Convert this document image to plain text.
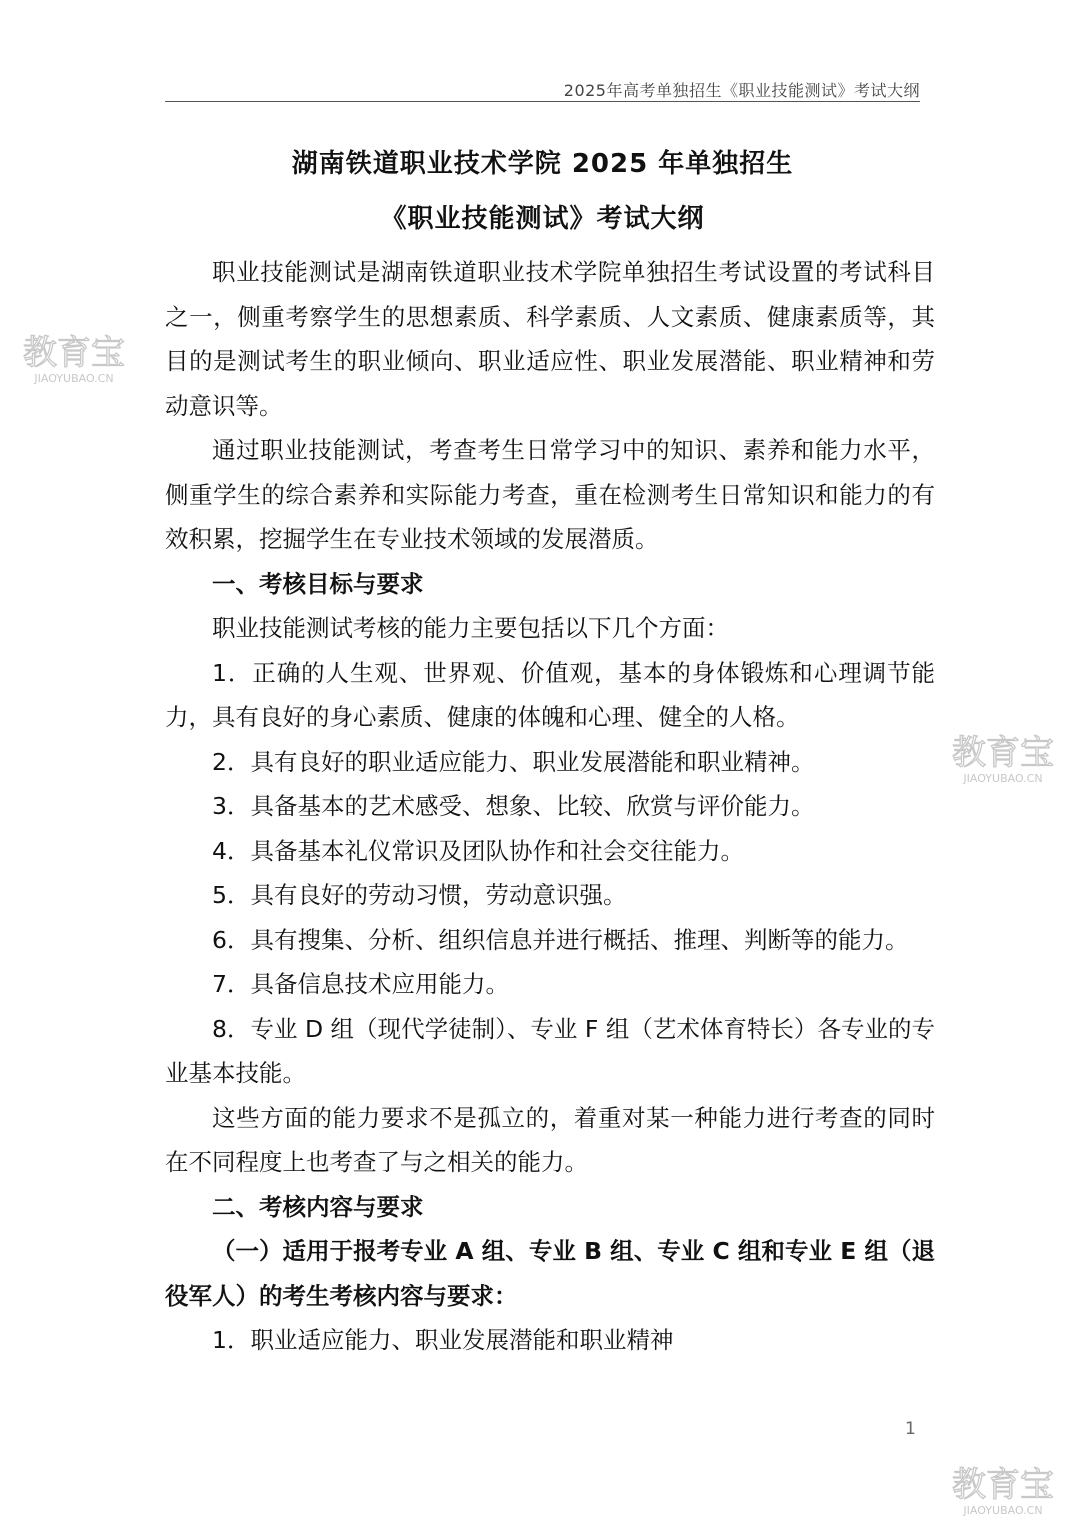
2025年高考单独招生《职业技能测试》考试大纲
湖南铁道职业技术学院 2025 年单独招生
《职业技能测试》考试大纲

职业技能测试是湖南铁道职业技术学院单独招生考试设置的考试科目之一，侧重考察学生的思想素质、科学素质、人文素质、健康素质等，其目的是测试考生的职业倾向、职业适应性、职业发展潜能、职业精神和劳动意识等。

通过职业技能测试，考查考生日常学习中的知识、素养和能力水平，侧重学生的综合素养和实际能力考查，重在检测考生日常知识和能力的有效积累，挖掘学生在专业技术领域的发展潜质。

一、考核目标与要求

职业技能测试考核的能力主要包括以下几个方面：

1．正确的人生观、世界观、价值观，基本的身体锻炼和心理调节能力，具有良好的身心素质、健康的体魄和心理、健全的人格。

2．具有良好的职业适应能力、职业发展潜能和职业精神。

3．具备基本的艺术感受、想象、比较、欣赏与评价能力。

4．具备基本礼仪常识及团队协作和社会交往能力。

5．具有良好的劳动习惯，劳动意识强。

6．具有搜集、分析、组织信息并进行概括、推理、判断等的能力。

7．具备信息技术应用能力。

8．专业 D 组（现代学徒制）、专业 F 组（艺术体育特长）各专业的专业基本技能。

这些方面的能力要求不是孤立的，着重对某一种能力进行考查的同时在不同程度上也考查了与之相关的能力。

二、考核内容与要求

（一）适用于报考专业 A 组、专业 B 组、专业 C 组和专业 E 组（退役军人）的考生考核内容与要求：

1．职业适应能力、职业发展潜能和职业精神

1
教育宝
JIAOYUBAO.CN
教育宝
JIAOYUBAO.CN
教育宝
JIAOYUBAO.CN
